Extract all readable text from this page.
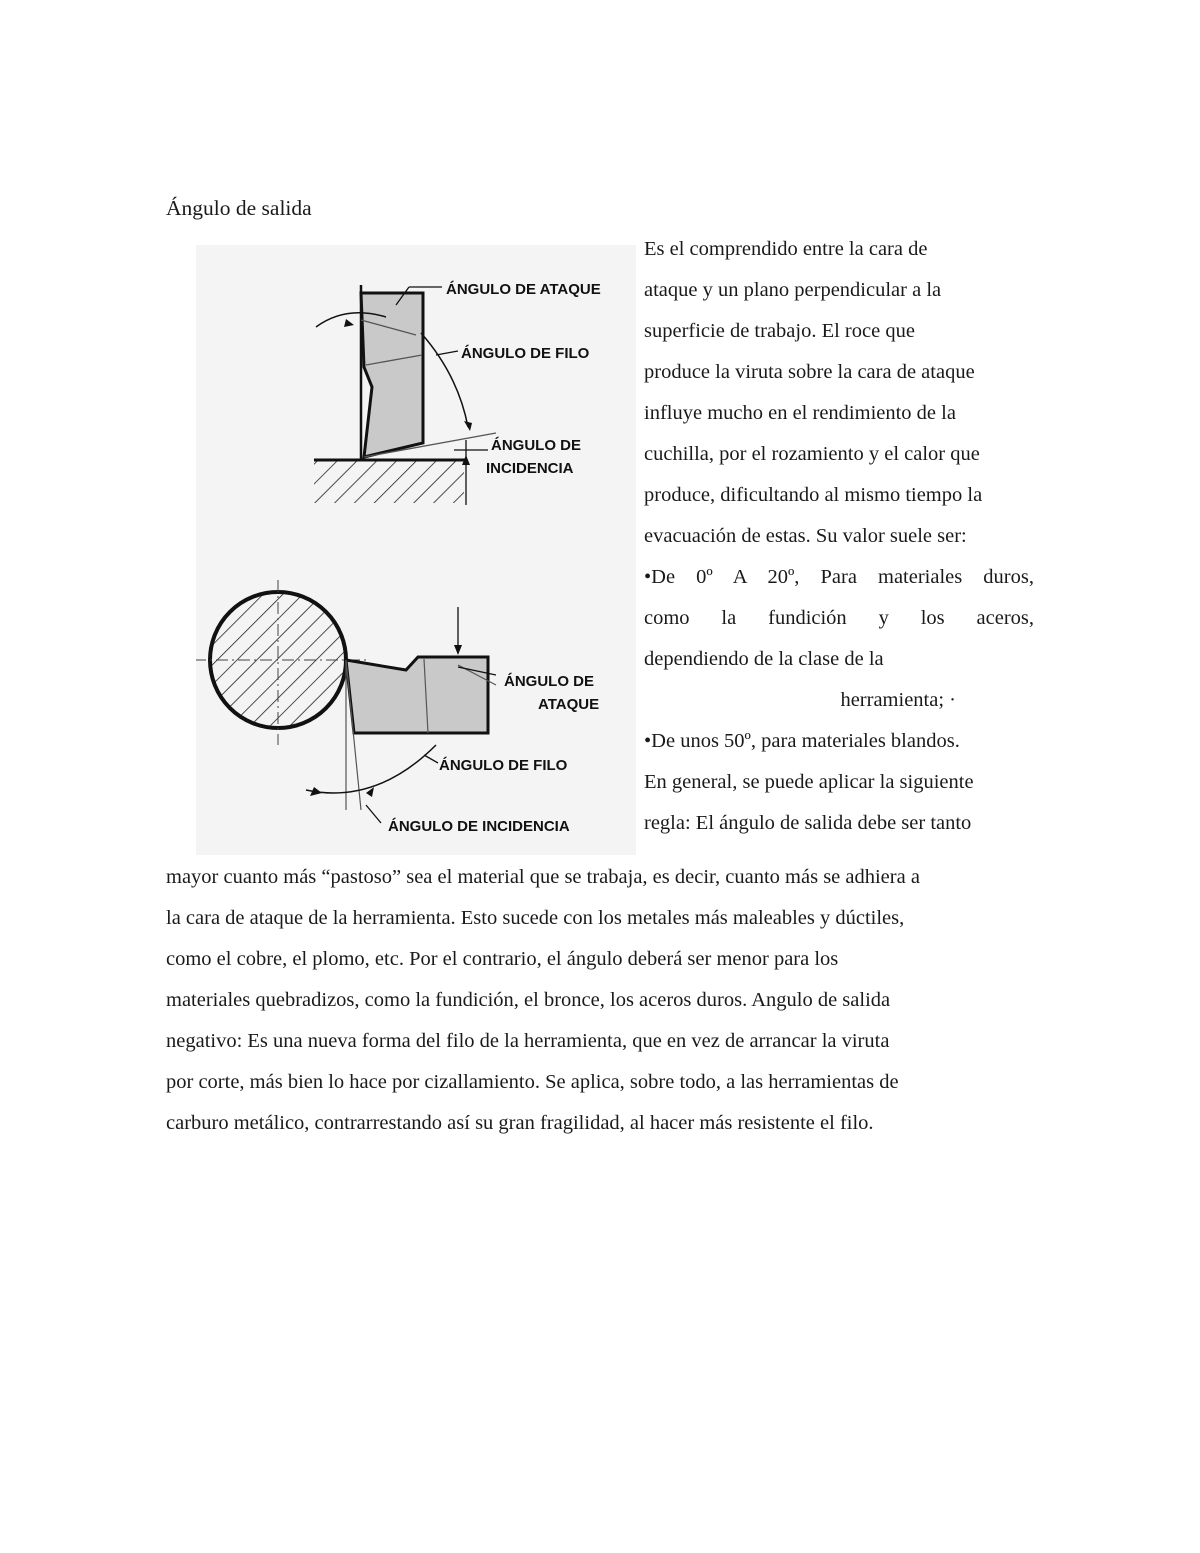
Ángulo de salida
ÁNGULO DE ATAQUE
ÁNGULO DE FILO
ÁNGULO DE
INCIDENCIA
ÁNGULO DE
ATAQUE
ÁNGULO DE FILO
ÁNGULO DE INCIDENCIA

Es el comprendido entre la cara de

ataque y un plano perpendicular a la

superficie de trabajo. El roce que

produce la viruta sobre la cara de ataque

influye mucho en el rendimiento de la

cuchilla, por el rozamiento y el calor que

produce, dificultando al mismo tiempo la

evacuación de estas. Su valor suele ser:

•De 0º A 20º, Para materiales duros,

como la fundición y los aceros,

dependiendo de la clase de la

herramienta; ·

•De unos 50º, para materiales blandos.

En general, se puede aplicar la siguiente

regla: El ángulo de salida debe ser tanto

mayor cuanto más “pastoso” sea el material que se trabaja, es decir, cuanto más se adhiera a

la cara de ataque de la herramienta. Esto sucede con los metales más maleables y dúctiles,

como el cobre, el plomo, etc. Por el contrario, el ángulo deberá ser menor para los

materiales quebradizos, como la fundición, el bronce, los aceros duros. Angulo de salida

negativo: Es una nueva forma del filo de la herramienta, que en vez de arrancar la viruta

por corte, más bien lo hace por cizallamiento. Se aplica, sobre todo, a las herramientas de

carburo metálico, contrarrestando así su gran fragilidad, al hacer más resistente el filo.
